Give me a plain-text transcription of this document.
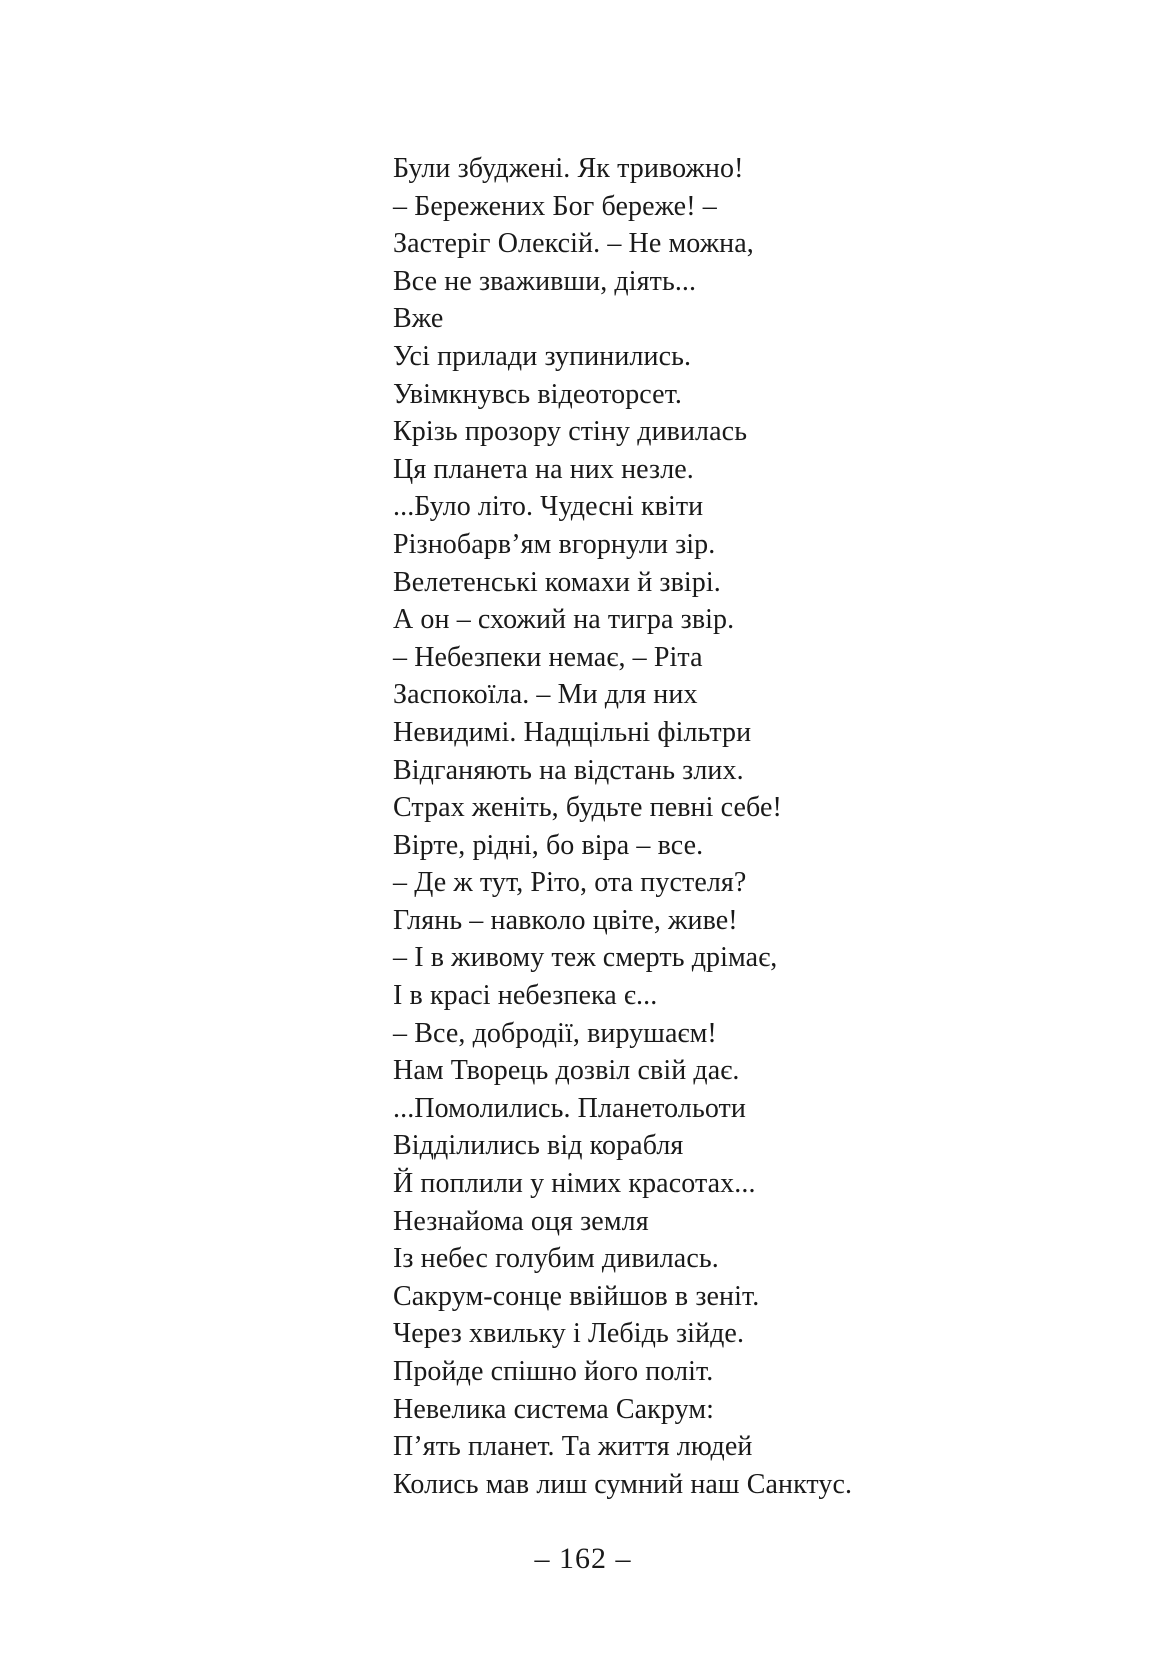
Були збуджені. Як тривожно!
– Бережених Бог береже! –
Застеріг Олексій. – Не можна,
Все не зваживши, діять...
Вже
Усі прилади зупинились.
Увімкнувсь відеоторсет.
Крізь прозору стіну дивилась
Ця планета на них незле.
...Було літо. Чудесні квіти
Різнобарв’ям вгорнули зір.
Велетенські комахи й звірі.
А он – схожий на тигра звір.
– Небезпеки немає, – Ріта
Заспокоїла. – Ми для них
Невидимі. Надщільні фільтри
Відганяють на відстань злих.
Страх женіть, будьте певні себе!
Вірте, рідні, бо віра – все.
– Де ж тут, Ріто, ота пустеля?
Глянь – навколо цвіте, живе!
– І в живому теж смерть дрімає,
І в красі небезпека є...
– Все, добродії, вирушаєм!
Нам Творець дозвіл свій дає.
...Помолились. Планетольоти
Відділились від корабля
Й поплили у німих красотах...
Незнайома оця земля
Із небес голубим дивилась.
Сакрум-сонце ввійшов в зеніт.
Через хвильку і Лебідь зійде.
Пройде спішно його політ.
Невелика система Сакрум:
П’ять планет. Та життя людей
Колись мав лиш сумний наш Санктус.
– 162 –
